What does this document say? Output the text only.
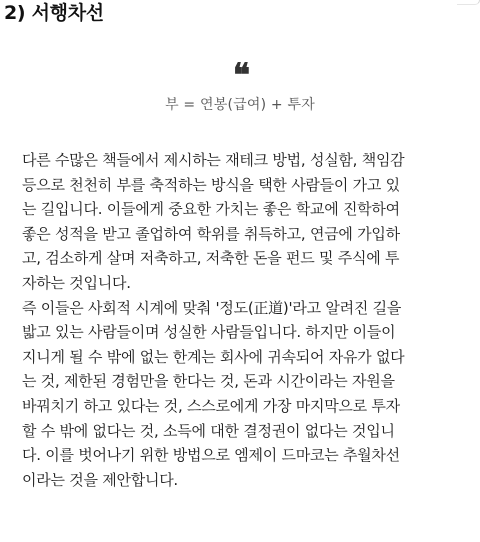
2) 서행차선
❝
부 = 연봉(급여) + 투자
다른 수많은 책들에서 제시하는 재테크 방법, 성실함, 책임감
등으로 천천히 부를 축적하는 방식을 택한 사람들이 가고 있
는 길입니다. 이들에게 중요한 가치는 좋은 학교에 진학하여
좋은 성적을 받고 졸업하여 학위를 취득하고, 연금에 가입하
고, 검소하게 살며 저축하고, 저축한 돈을 펀드 및 주식에 투
자하는 것입니다.
즉 이들은 사회적 시계에 맞춰 '정도(正道)'라고 알려진 길을
밟고 있는 사람들이며 성실한 사람들입니다. 하지만 이들이
지니게 될 수 밖에 없는 한계는 회사에 귀속되어 자유가 없다
는 것, 제한된 경험만을 한다는 것, 돈과 시간이라는 자원을
바꿔치기 하고 있다는 것, 스스로에게 가장 마지막으로 투자
할 수 밖에 없다는 것, 소득에 대한 결정권이 없다는 것입니
다. 이를 벗어나기 위한 방법으로 엠제이 드마코는 추월차선
이라는 것을 제안합니다.
